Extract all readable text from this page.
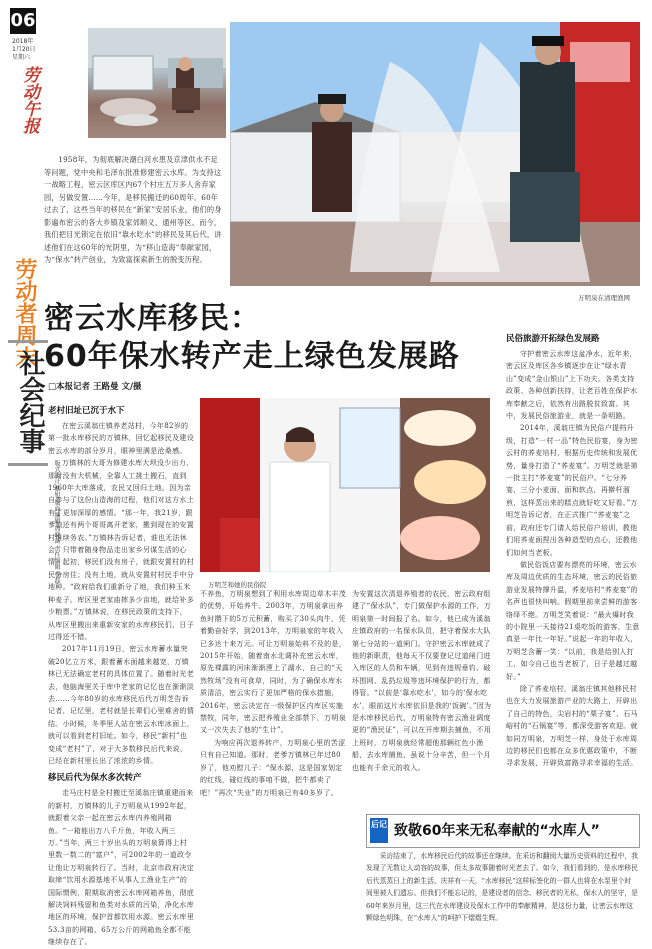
06
2018年
1月20日
星期六
劳动午报
1958年，为彻底解决潮白河水患及京津供水不足等问题，党中央和毛泽东批准修建密云水库。为支持这一战略工程，密云区库区内67个村庄五万多人舍弃家园，另做安置……今年，是移民搬迁的60周年。60年过去了，这些当年的移民在“新家”安居乐业，他们的身影遍布密云的各大乡镇及家郊顺义、通州等区。而今，我们把目光锁定在依旧“靠水吃水”的移民及其后代，讲述他们在这60年的光阴里，为“移山造海”奉献家园，为“保水”转产创业，为致富探索新生的脱变历程。
万明泉在清理渔网
劳动者周末
社会纪事
版式设计 张旭 版面编辑 周晓菡 责任编辑 曹磊
密云水库移民：
60年保水转产走上绿色发展路
□本报记者 王路曼 文/摄
老村旧址已沉于水下
在密云溪翁庄镇养老站村，今年82岁的第一批水库移民的万镇林，回忆起移民及建设密云水库的部分岁月，眼神里满是沧桑感。
万镇林的大哥为修建水库大坝没少出力，那时没有大机械，全靠人工挑土搬石，直到1960年大库落成，农民又回归土地。因为亲自参与了这份山造海的过程，他们对这方水土有了更加深厚的感情。“那一年，我21岁，跟爹娘还有两个哥哥离开老家，搬到现在的安置村继续务农。”万镇林告诉记者，谁也无法休会，只带着随身物品走出家乡另谋生活的心情。起初，移民们没有房子，就跟安置村的村民分房住；没有土地，就从安置村村民手中分地种。“政府给我们重新分了地，我们种玉米种麦子。库区里老家庙摔多少亩地，就给补多少粮票。”万镇林说，在移民政策的支持下，从库区里搬出来重新安家的水库移民们，日子过得还不错。
2017年11月19日，密云水库蓄水量突破20亿立方米，跟着蓄水面越来越宽，万镇林已无法确定老村的具体位置了。随着时光老去，他脑海里关于库中老家的记忆也在渐渐淡去……今年80岁的水库移民后代万明芝告诉记者，记忆里，老村就是长辈们心里难舍的情结。小时候，冬季里人站在密云水库冰面上，就可以看到老村旧址。如今，移民“新村”也变成“老村”了，对于大多数移民后代来说，已经在新村里长出了浓浓的乡情。
移民后代为保水多次转产
走马庄村是全村搬迁至溪翁庄镇重建而来的新村，万镇林的儿子万明泉从1992年起，就跟着父亲一起在密云水库内养殖网箱鱼。“一箱能出万八千斤鱼，年收入两三万。”当年，两三十岁出头的万明泉算得上村里数一数二的“富户”，可2002年的一道政令让他让万明泉转行了。当时，北京市政府决定取缔“饮用水源基地不从事人工渔业生产”的国际惯例，限期取消密云水库网箱养鱼，彻底解决饲料残留和鱼类对水质的污染，净化水库地区的环境，保护首都饮用水源。密云水库里53.3亩的网箱、65万公斤的网箱鱼全都不能继续存在了。
万明芝和她的民俗院
不养鱼，万明泉想到了利用水库周边草木丰茂的优势，开始养牛。2003年，万明泉拿出养鱼时攒下的5万元积蓄，购买了30头肉牛，凭着勤奋好学，到2013年，万明泉家的年收入已多达十来万元。可让万明泉始料不及的是，2015年开始，随着南水北调补充密云水库，原先裸露的河床渐渐湮上了湖水，自己的“天然牧场”没有可食草，同时，为了确保水库水质清洁，密云实行了更加严格的保水措施，2016年，密云决定在一级保护区内库区实施禁牧，同年，密云把养殖业全部禁下，万明泉又一次失去了他的“生计”。
为响应再次退养转产，万明泉心里的苦涩只有自己知道。那时，老爹万镇林已年过80岁了，他劝慰儿子：“保水源，这是国家划定的红线，碰红线的事咱不做，把牛都卖了吧！”再次“失业”的万明泉已有40多岁了。
为安置这次清退养殖者的农民，密云政府组建了“保水队”，专门做保护水源的工作，万明泉第一时间报了名。如今，他已成为溪翁庄镇政府的一名保水队员，把守着保水大队第七分站的一道闸门。守护密云水库就成了他的新职责，他每天不仅要登记过道闸门进入库区的人员和车辆，见到有违规垂钓、破坏围网、乱扔垃圾等违环境保护的行为，都得管。“以前是‘靠水吃水’，如今的‘保水吃水’，眼前这片水库依旧是我的‘饭碗’。”因为是水库移民后代，万明泉特有密云渔业调度更的“渔民证”，可以在开库期去捕鱼，不用上班时，万明泉就经常超他那辆红色小渔船，去水库捕鱼，虽说十分辛苦，但一个月也能有千余元的收入。
民俗旅游开拓绿色发展路
守护着密云水库这盆净水，近年来，密云区及库区各乡镇逐步在让“绿水青山”变成“金山银山”上下功夫。各类支持政策、各种创新扶持，让老百姓在保护水库奉献之后，依然有出路脱贫致富。其中，发展民俗旅游业，就是一条明路。
2014年，溪翁庄镇为民俗户提档升级，打造“一村一品”特色民俗宴，身为密云村的荞麦培村，根据历史传统和发展优势，量身打造了“荞麦宴”。万明芝就是第一批主打“荞麦宴”的民俗户。“七分养宴，三分小麦面，面和软点，再擀杆溜煎，这样蒸出来的糕点就好吃又好看。”万明芝告诉记者，在正式推广“荞麦宴”之前，政府还专门请人给民俗户培训，教他们用荞麦面捏出各种造型的点心，还教他们如何当老板。
做民俗饭店要有漂亮的环境，密云水库及周边优质的生态环境，密云的民俗旅游业发展特撑升温，荞麦培村“荞麦宴”的名声也很快叫响。假期里前来尝鲜的游客络绎不绝。万明芝笑着说：“最火爆时我的小院里一天接待21桌吃饭的游客，生意真是一年比一年好。”说起一年的年收入，万明芝含蓄一笑：“以前，我是给别人打工，如今自己也当老板了，日子是越过越好。”
除了荞麦培村，溪翁庄镇其他移民村也在大力发展旅游产业的大路上，开辟出了自己的特色，尖岩村的“栗子宴”、石马峪村的“石锅宴”等，都深受游客欢迎。就如同万明泉，万明芝一样，身处于水库周边的移民们也都在众多优惠政策中，不断寻求发展，开辟致富路寻求幸福的生活。
后记 致敬60年来无私奉献的“水库人”
采访结束了，水库移民后代的故事还在继续。在采访和翻阅大量历史资料的过程中，我发现了无数让人动容的故事，但太多故事随着时光老去了。如今，我们看到的，是水库移民后代蒸蒸日上的新生活。庆祥有一天，“水库移民”这样标签化的一群人也将在水泵里个时间里被人们遗忘。但我们不能忘记的，是建设者的信念、移民者的无私，保水人的坚守，是60年来岁月里，这三代在水库建设及保水工作中的奉献精神，是这份力量，让密云水库这颗绿色明珠，在“水库人”的呵护下熠熠生辉。
